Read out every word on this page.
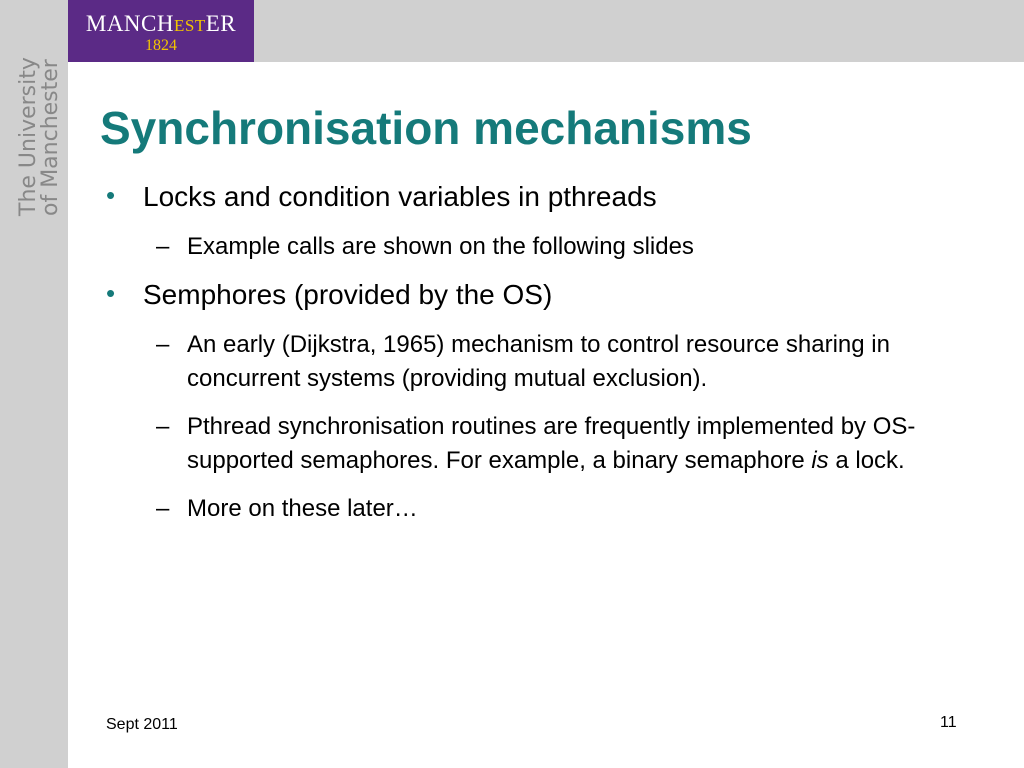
MANCHESTER
1824
The University
of Manchester Synchronisation mechanisms
• Locks and condition variables in pthreads
– Example calls are shown on the following slides
• Semphores (provided by the OS)
– An early (Dijkstra, 1965) mechanism to control resource sharing in concurrent systems (providing mutual exclusion).
– Pthread synchronisation routines are frequently implemented by OS-supported semaphores. For example, a binary semaphore is a lock.
– More on these later…
Sept 2011	11
